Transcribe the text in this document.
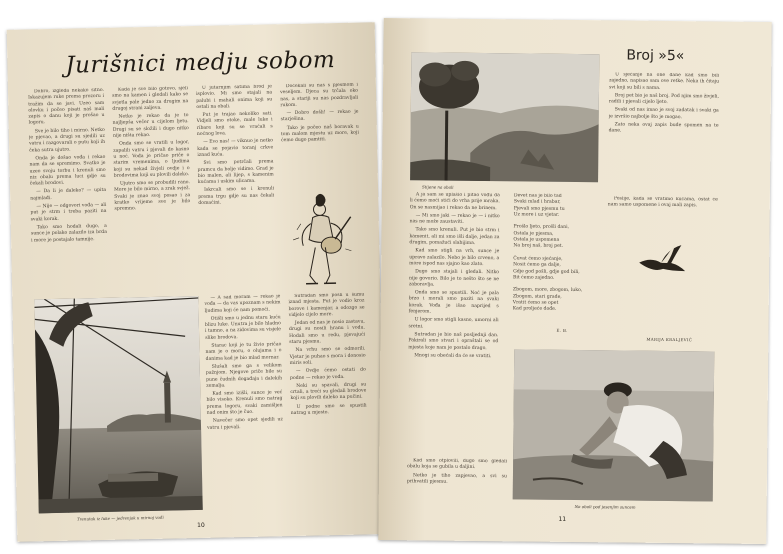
Jurišnici medju sobom

Dobro, izgleda nekako sitno. Iskazujem ruke prema prozoru i tražim da se javi. Uzeo sam olovku i počeo pisati naš mali zapis o danu koji je prošao u logoru.

Sve je bilo tiho i mirno. Netko je pjevao, a drugi su sjedili uz vatru i razgovarali o putu koji ih čeka sutra ujutro.

Onda je došao vođa i rekao nam da se spremimo. Svatko je uzeo svoju torbu i krenuli smo niz obalu prema luci gdje su čekali brodovi.

— Da li je daleko? — upita najmlađi.

— Nije — odgovori vođa — ali put je strm i treba paziti na svaki korak.

Tako smo hodali dugo, a sunce je polako zalazilo iza brda i more je postajalo tamnije.

Kada je sve bilo gotovo, sjeli smo na kamen i gledali kako se svjetla pale jedno za drugim na drugoj strani zaljeva.

Netko je rekao da je to najljepša večer u cijelom ljetu. Drugi su se složili i dugo nitko nije ništa rekao.

Onda smo se vratili u logor, zapalili vatru i pjevali do kasno u noć. Vođa je pričao priče o starim vremenima, o ljudima koji su nekad živjeli ovdje i o brodovima koji su plovili daleko.

Ujutro smo se probudili rano. More je bilo mirno, a zrak svjež. Svaki je znao svoj posao i za kratko vrijeme sve je bilo spremno.

U jutarnjim satima brod je isplovio. Mi smo stajali na palubi i mahali onima koji su ostali na obali.

Put je trajao nekoliko sati. Vidjeli smo otoke, male luke i ribare koji su se vraćali s noćnog lova.

— Evo nas! — viknuo je netko kada se pojavio toranj crkve iznad kuća.

Svi smo potrčali prema pramcu da bolje vidimo. Grad je bio malen, ali lijep, s kamenim kućama i uskim ulicama.

Iskrcali smo se i krenuli prema trgu gdje su nas čekali domaćini.

Dočekali su nas s pjesmom i veseljem. Djeca su trčala oko nas, a stariji su nas pozdravljali rukom.

— Dobro došli! — rekao je starješina.

Tako je počeo naš boravak u tom malom mjestu uz more, koji ćemo dugo pamtiti.

— A sad moram — rekao je vođa — da vas upoznam s nekim ljudima koji će nam pomoći.

Otišli smo u jednu staru kuću blizu luke. Unutra je bilo hladno i tamno, a na zidovima su visjele slike brodova.

Starac koji je tu živio pričao nam je o moru, o olujama i o danima kad je bio mlad mornar.

Slušali smo ga s velikom pažnjom. Njegove priče bile su pune čudnih događaja i dalekih zemalja.

Kad smo izišli, sunce je već bilo visoko. Krenuli smo natrag prema logoru, svaki zamišljen nad onim što je čuo.

Navečer smo opet sjedili uz vatru i pjevali.

Sutradan smo pošli u šumu iznad mjesta. Put je vodio kroz borove i kamenjar, a odozgo se vidjelo cijelo more.

Jedan od nas je nosio zastavu, drugi su nosili hranu i vodu. Hodali smo u redu, pjevajući staru pjesmu.

Na vrhu smo se odmorili. Vjetar je puhao s mora i donosio miris soli.

— Ovdje ćemo ostati do podne — rekao je vođa.

Neki su spavali, drugi su crtali, a treći su gledali brodove koji su plovili daleko na pučini.

U podne smo se spustili natrag u mjesto.

Trenutak iz luke — jedrenjak u mirnoj vodi
10
Broj »5«
Stijene na obali

U sjećanje na one dane kad smo bili zajedno, napisao sam ove retke. Neka ih čitaju svi koji su bili s nama.

Broj pet bio je naš broj. Pod njim smo živjeli, radili i pjevali cijelo ljeto.

Svaki od nas imao je svoj zadatak i svaki ga je izvršio najbolje što je mogao.

Zato neka ovaj zapis bude spomen na te dane.

Poslije, kada se vratimo kućama, ostat će nam samo uspomene i ovaj mali zapis.

A ja sam se uplašio i pitao vođu da li ćemo moći stići do vrha prije mraka. On se nasmijao i rekao da ne brinem.

— Mi smo jaki — rekao je — i nitko nas ne može zaustaviti.

Tako smo krenuli. Put je bio strm i kamenit, ali mi smo išli dalje, jedan za drugim, pomažući slabijima.

Kad smo stigli na vrh, sunce je upravo zalazilo. Nebo je bilo crveno, a more ispod nas sjajno kao zlato.

Dugo smo stajali i gledali. Nitko nije govorio. Bilo je to nešto što se ne zaboravlja.

Onda smo se spustili. Noć je pala brzo i morali smo paziti na svaki korak. Vođa je išao naprijed s fenjerom.

U logor smo stigli kasno, umorni ali sretni.

Sutradan je bio naš posljednji dan. Pakirali smo stvari i opraštali se od mjesta koje nam je postalo drago.

Mnogi su obećali da će se vratiti.

Devet nas je bilo tad

Svaki mlad i hrabar,

Pjevali smo pjesmu tu

Uz more i uz vjetar.

Prošlo ljeto, prošli dani,

Ostala je pjesma,

Ostala je uspomena

Na broj naš, broj pet.

Čuvat ćemo sjećanje,

Nosit ćemo ga dalje,

Gdje god pošli, gdje god bili,

Bit ćemo zajedno.

Zbogom, more, zbogom, luko,

Zbogom, stari grade,

Vratit ćemo se opet

Kad proljeće dođe.

E. B.
MARIJA KRALJEVIĆ
Na obali pod jesenjim suncem

Kad smo otplovili, dugo smo gledali obalu koja se gubila u daljini.

Netko je tiho zapjevao, a svi su prihvatili pjesmu.

11
